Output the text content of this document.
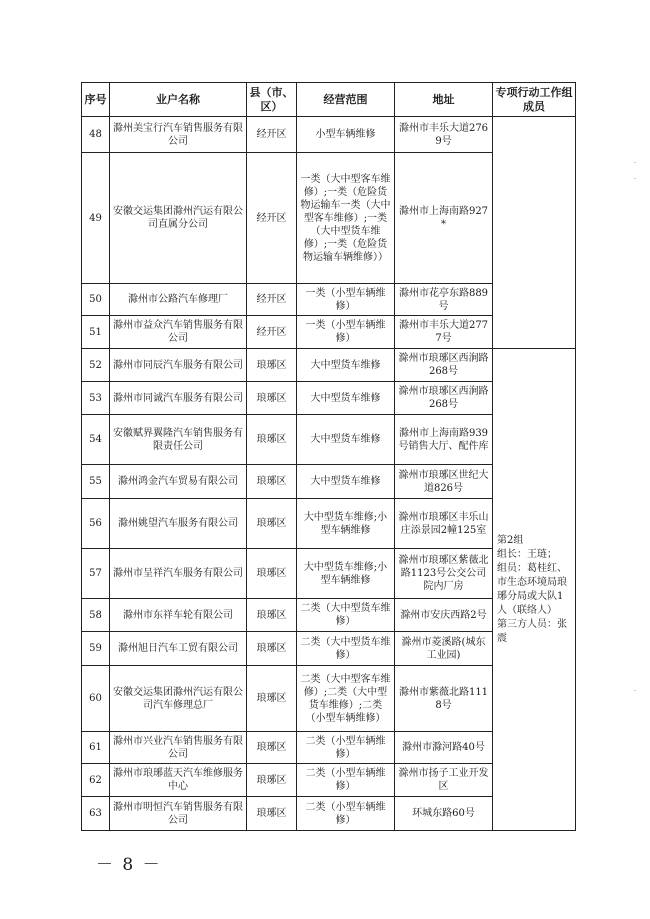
序号	业户名称	县（市、区）	经营范围	地址	专项行动工作组成员
48	滁州美宝行汽车销售服务有限公司	经开区	小型车辆维修	滁州市丰乐大道2769号	
49	安徽交运集团滁州汽运有限公司直属分公司	经开区	一类（大中型客车维修）;一类（危险货物运输车一类（大中型客车维修）;一类（大中型货车维修）;一类（危险货物运输车辆维修））	滁州市上海南路927*	
50	滁州市公路汽车修理厂	经开区	一类（小型车辆维修）	滁州市花亭东路889号	
51	滁州市益众汽车销售服务有限公司	经开区	一类（小型车辆维修）	滁州市丰乐大道2777号	
52	滁州市同辰汽车服务有限公司	琅琊区	大中型货车维修	滁州市琅琊区西涧路268号	第2组
组长：王琏；
组员：葛桂红、市生态环境局琅琊分局或大队1人（联络人）
第三方人员：张震

53	滁州市同诚汽车服务有限公司	琅琊区	大中型货车维修	滁州市琅琊区西涧路268号	
54	安徽赋界翼隆汽车销售服务有限责任公司	琅琊区	大中型货车维修	滁州市上海南路939号销售大厅、配件库	
55	滁州鸿金汽车贸易有限公司	琅琊区	大中型货车维修	滁州市琅琊区世纪大道826号	
56	滁州姚望汽车服务有限公司	琅琊区	大中型货车维修;小型车辆维修	滁州市琅琊区丰乐山庄添景园2幢125室	
57	滁州市呈祥汽车服务有限公司	琅琊区	大中型货车维修;小型车辆维修	滁州市琅琊区紫薇北路1123号公交公司院内厂房	
58	滁州市东祥车轮有限公司	琅琊区	二类（大中型货车维修）	滁州市安庆西路2号	
59	滁州旭日汽车工贸有限公司	琅琊区	二类（大中型货车维修）	滁州市菱溪路(城东工业园)	
60	安徽交运集团滁州汽运有限公司汽车修理总厂	琅琊区	二类（大中型客车维修）;二类（大中型货车维修）;二类（小型车辆维修）	滁州市紫薇北路1118号	
61	滁州市兴业汽车销售服务有限公司	琅琊区	二类（小型车辆维修）	滁州市滁河路40号	
62	滁州市琅琊蓝天汽车维修服务中心	琅琊区	二类（小型车辆维修）	滁州市扬子工业开发区	
63	滁州市明恒汽车销售服务有限公司	琅琊区	二类（小型车辆维修）	环城东路60号	
－ 8 －
·
·
·
